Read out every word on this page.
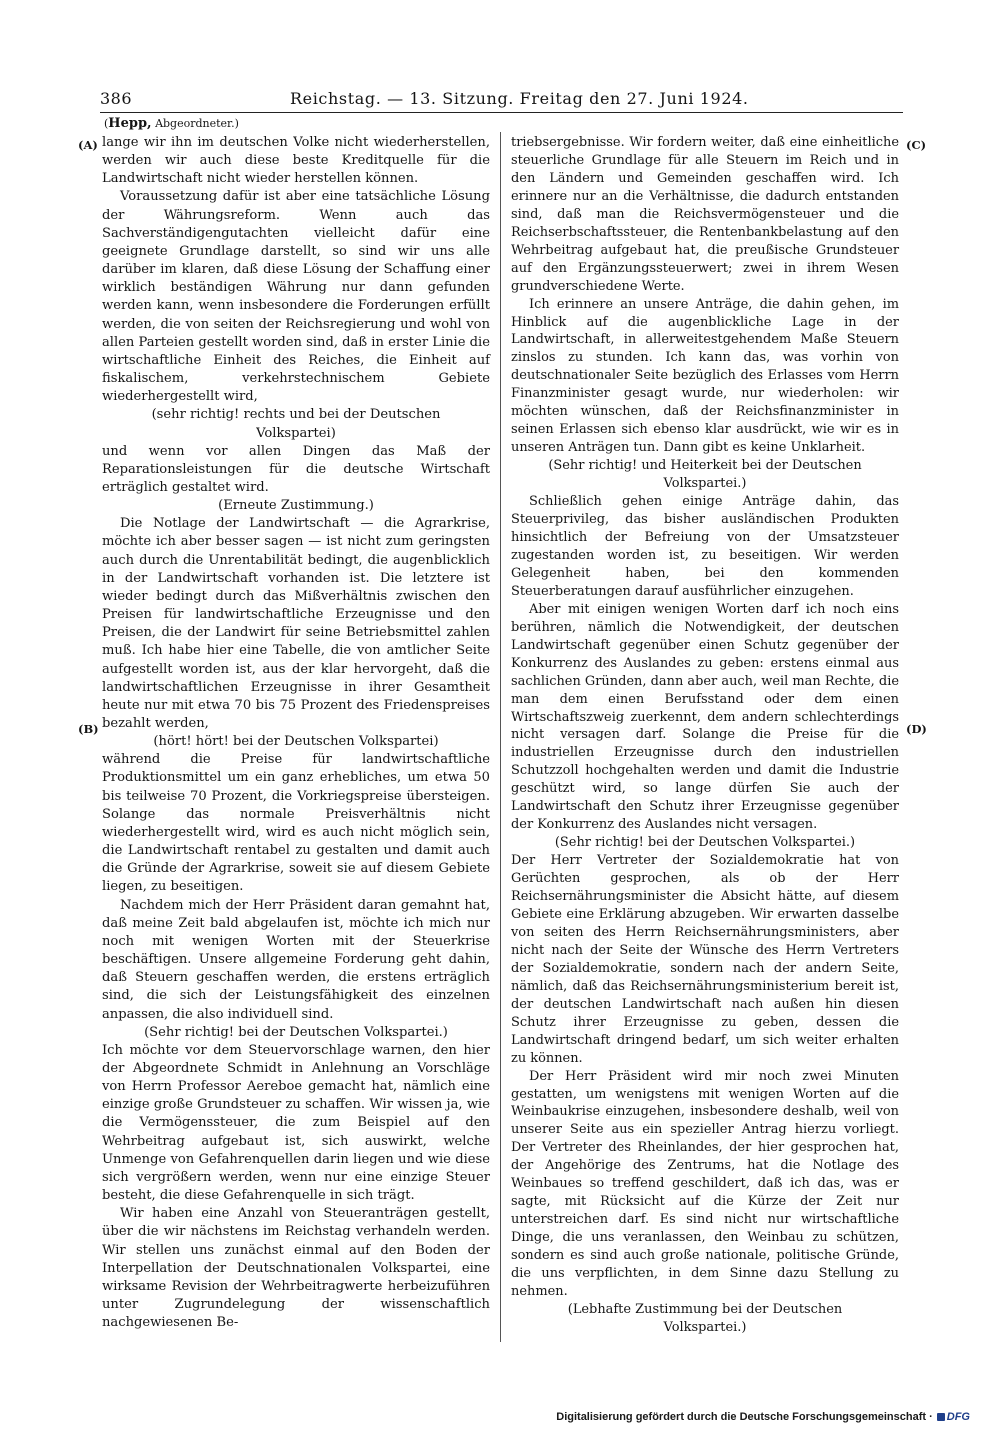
386	Reichstag. — 13. Sitzung. Freitag den 27. Juni 1924.
(Hepp, Abgeordneter.)
(A)
(B)
(C)
(D)

lange wir ihn im deutschen Volke nicht wiederherstellen, werden wir auch diese beste Kreditquelle für die Landwirtschaft nicht wieder herstellen können.

Voraussetzung dafür ist aber eine tatsächliche Lösung der Währungsreform. Wenn auch das Sachverständigengutachten vielleicht dafür eine geeignete Grundlage darstellt, so sind wir uns alle darüber im klaren, daß diese Lösung der Schaffung einer wirklich beständigen Währung nur dann gefunden werden kann, wenn insbesondere die Forderungen erfüllt werden, die von seiten der Reichsregierung und wohl von allen Parteien gestellt worden sind, daß in erster Linie die wirtschaftliche Einheit des Reiches, die Einheit auf fiskalischem, verkehrstechnischem Gebiete wiederhergestellt wird,

(sehr richtig! rechts und bei der Deutschen Volkspartei)

und wenn vor allen Dingen das Maß der Reparationsleistungen für die deutsche Wirtschaft erträglich gestaltet wird.

(Erneute Zustimmung.)

Die Notlage der Landwirtschaft — die Agrarkrise, möchte ich aber besser sagen — ist nicht zum geringsten auch durch die Unrentabilität bedingt, die augenblicklich in der Landwirtschaft vorhanden ist. Die letztere ist wieder bedingt durch das Mißverhältnis zwischen den Preisen für landwirtschaftliche Erzeugnisse und den Preisen, die der Landwirt für seine Betriebsmittel zahlen muß. Ich habe hier eine Tabelle, die von amtlicher Seite aufgestellt worden ist, aus der klar hervorgeht, daß die landwirtschaftlichen Erzeugnisse in ihrer Gesamtheit heute nur mit etwa 70 bis 75 Prozent des Friedenspreises bezahlt werden,

(hört! hört! bei der Deutschen Volkspartei)

während die Preise für landwirtschaftliche Produktionsmittel um ein ganz erhebliches, um etwa 50 bis teilweise 70 Prozent, die Vorkriegspreise übersteigen. Solange das normale Preisverhältnis nicht wiederhergestellt wird, wird es auch nicht möglich sein, die Landwirtschaft rentabel zu gestalten und damit auch die Gründe der Agrarkrise, soweit sie auf diesem Gebiete liegen, zu beseitigen.

Nachdem mich der Herr Präsident daran gemahnt hat, daß meine Zeit bald abgelaufen ist, möchte ich mich nur noch mit wenigen Worten mit der Steuerkrise beschäftigen. Unsere allgemeine Forderung geht dahin, daß Steuern geschaffen werden, die erstens erträglich sind, die sich der Leistungsfähigkeit des einzelnen anpassen, die also individuell sind.

(Sehr richtig! bei der Deutschen Volkspartei.)

Ich möchte vor dem Steuervorschlage warnen, den hier der Abgeordnete Schmidt in Anlehnung an Vorschläge von Herrn Professor Aereboe gemacht hat, nämlich eine einzige große Grundsteuer zu schaffen. Wir wissen ja, wie die Vermögenssteuer, die zum Beispiel auf den Wehrbeitrag aufgebaut ist, sich auswirkt, welche Unmenge von Gefahrenquellen darin liegen und wie diese sich vergrößern werden, wenn nur eine einzige Steuer besteht, die diese Gefahrenquelle in sich trägt.

Wir haben eine Anzahl von Steueranträgen gestellt, über die wir nächstens im Reichstag verhandeln werden. Wir stellen uns zunächst einmal auf den Boden der Interpellation der Deutschnationalen Volkspartei, eine wirksame Revision der Wehrbeitragwerte herbeizuführen unter Zugrundelegung der wissenschaftlich nachgewiesenen Be-

triebsergebnisse. Wir fordern weiter, daß eine einheitliche steuerliche Grundlage für alle Steuern im Reich und in den Ländern und Gemeinden geschaffen wird. Ich erinnere nur an die Verhältnisse, die dadurch entstanden sind, daß man die Reichsvermögensteuer und die Reichserbschaftssteuer, die Rentenbankbelastung auf den Wehrbeitrag aufgebaut hat, die preußische Grundsteuer auf den Ergänzungssteuerwert; zwei in ihrem Wesen grundverschiedene Werte.

Ich erinnere an unsere Anträge, die dahin gehen, im Hinblick auf die augenblickliche Lage in der Landwirtschaft, in allerweitestgehendem Maße Steuern zinslos zu stunden. Ich kann das, was vorhin von deutschnationaler Seite bezüglich des Erlasses vom Herrn Finanzminister gesagt wurde, nur wiederholen: wir möchten wünschen, daß der Reichsfinanzminister in seinen Erlassen sich ebenso klar ausdrückt, wie wir es in unseren Anträgen tun. Dann gibt es keine Unklarheit.

(Sehr richtig! und Heiterkeit bei der Deutschen Volkspartei.)

Schließlich gehen einige Anträge dahin, das Steuerprivileg, das bisher ausländischen Produkten hinsichtlich der Befreiung von der Umsatzsteuer zugestanden worden ist, zu beseitigen. Wir werden Gelegenheit haben, bei den kommenden Steuerberatungen darauf ausführlicher einzugehen.

Aber mit einigen wenigen Worten darf ich noch eins berühren, nämlich die Notwendigkeit, der deutschen Landwirtschaft gegenüber einen Schutz gegenüber der Konkurrenz des Auslandes zu geben: erstens einmal aus sachlichen Gründen, dann aber auch, weil man Rechte, die man dem einen Berufsstand oder dem einen Wirtschaftszweig zuerkennt, dem andern schlechterdings nicht versagen darf. Solange die Preise für die industriellen Erzeugnisse durch den industriellen Schutzzoll hochgehalten werden und damit die Industrie geschützt wird, so lange dürfen Sie auch der Landwirtschaft den Schutz ihrer Erzeugnisse gegenüber der Konkurrenz des Auslandes nicht versagen.

(Sehr richtig! bei der Deutschen Volkspartei.)

Der Herr Vertreter der Sozialdemokratie hat von Gerüchten gesprochen, als ob der Herr Reichsernährungsminister die Absicht hätte, auf diesem Gebiete eine Erklärung abzugeben. Wir erwarten dasselbe von seiten des Herrn Reichsernährungsministers, aber nicht nach der Seite der Wünsche des Herrn Vertreters der Sozialdemokratie, sondern nach der andern Seite, nämlich, daß das Reichsernährungsministerium bereit ist, der deutschen Landwirtschaft nach außen hin diesen Schutz ihrer Erzeugnisse zu geben, dessen die Landwirtschaft dringend bedarf, um sich weiter erhalten zu können.

Der Herr Präsident wird mir noch zwei Minuten gestatten, um wenigstens mit wenigen Worten auf die Weinbaukrise einzugehen, insbesondere deshalb, weil von unserer Seite aus ein spezieller Antrag hierzu vorliegt. Der Vertreter des Rheinlandes, der hier gesprochen hat, der Angehörige des Zentrums, hat die Notlage des Weinbaues so treffend geschildert, daß ich das, was er sagte, mit Rücksicht auf die Kürze der Zeit nur unterstreichen darf. Es sind nicht nur wirtschaftliche Dinge, die uns veranlassen, den Weinbau zu schützen, sondern es sind auch große nationale, politische Gründe, die uns verpflichten, in dem Sinne dazu Stellung zu nehmen.

(Lebhafte Zustimmung bei der Deutschen Volkspartei.)

Digitalisierung gefördert durch die Deutsche Forschungsgemeinschaft · DFG
